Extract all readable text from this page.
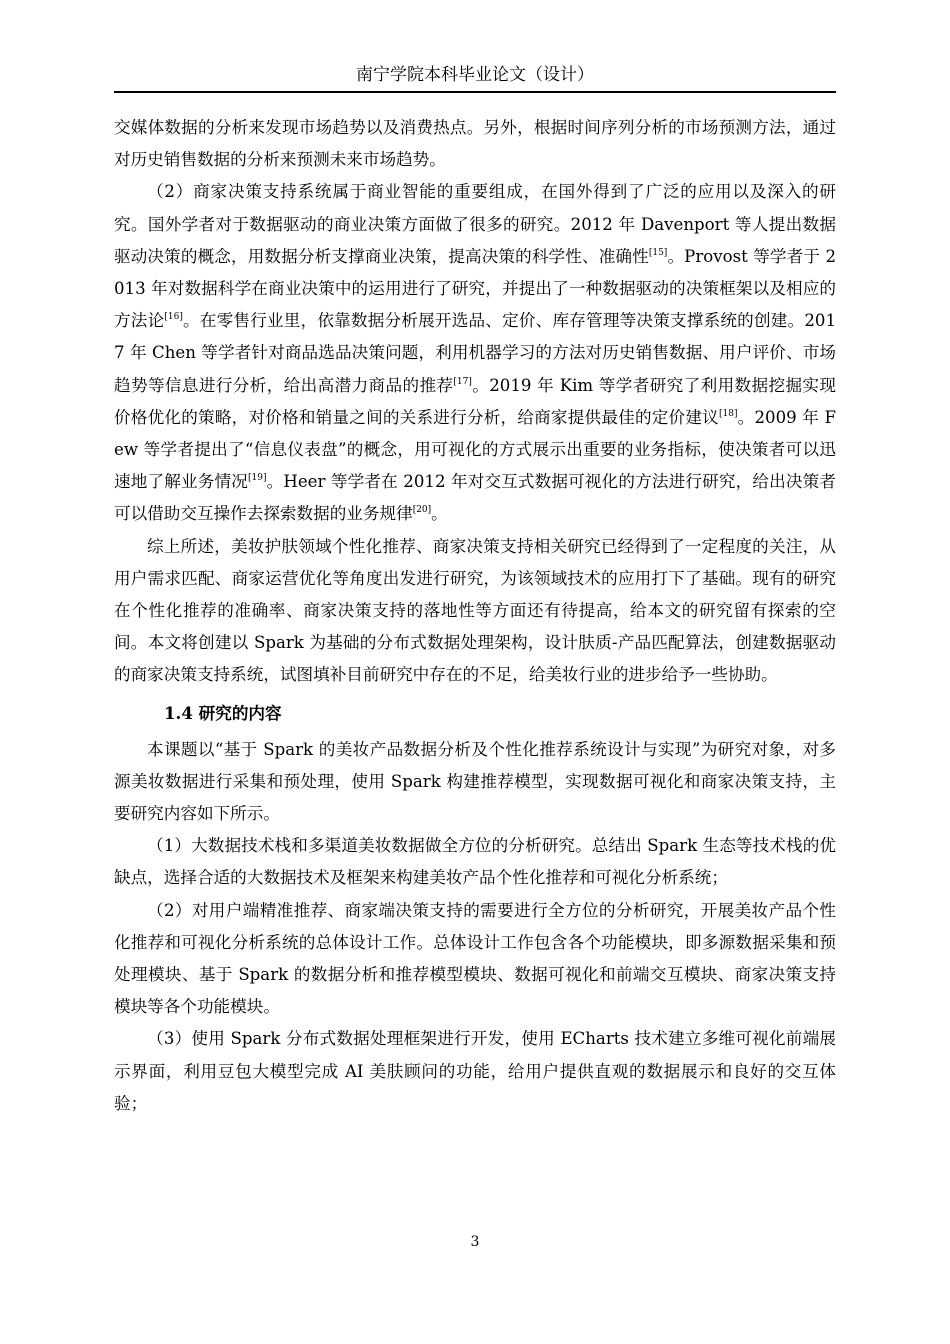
南宁学院本科毕业论文（设计）

交媒体数据的分析来发现市场趋势以及消费热点。另外，根据时间序列分析的市场预测方法，通过对历史销售数据的分析来预测未来市场趋势。

（2）商家决策支持系统属于商业智能的重要组成，在国外得到了广泛的应用以及深入的研究。国外学者对于数据驱动的商业决策方面做了很多的研究。2012 年 Davenport 等人提出数据驱动决策的概念，用数据分析支撑商业决策，提高决策的科学性、准确性[15]。Provost 等学者于 2013 年对数据科学在商业决策中的运用进行了研究，并提出了一种数据驱动的决策框架以及相应的方法论[16]。在零售行业里，依靠数据分析展开选品、定价、库存管理等决策支撑系统的创建。2017 年 Chen 等学者针对商品选品决策问题，利用机器学习的方法对历史销售数据、用户评价、市场趋势等信息进行分析，给出高潜力商品的推荐[17]。2019 年 Kim 等学者研究了利用数据挖掘实现价格优化的策略，对价格和销量之间的关系进行分析，给商家提供最佳的定价建议[18]。2009 年 Few 等学者提出了“信息仪表盘”的概念，用可视化的方式展示出重要的业务指标，使决策者可以迅速地了解业务情况[19]。Heer 等学者在 2012 年对交互式数据可视化的方法进行研究，给出决策者可以借助交互操作去探索数据的业务规律[20]。

综上所述，美妆护肤领域个性化推荐、商家决策支持相关研究已经得到了一定程度的关注，从用户需求匹配、商家运营优化等角度出发进行研究，为该领域技术的应用打下了基础。现有的研究在个性化推荐的准确率、商家决策支持的落地性等方面还有待提高，给本文的研究留有探索的空间。本文将创建以 Spark 为基础的分布式数据处理架构，设计肤质-产品匹配算法，创建数据驱动的商家决策支持系统，试图填补目前研究中存在的不足，给美妆行业的进步给予一些协助。

1.4 研究的内容

本课题以“基于 Spark 的美妆产品数据分析及个性化推荐系统设计与实现”为研究对象，对多源美妆数据进行采集和预处理，使用 Spark 构建推荐模型，实现数据可视化和商家决策支持，主要研究内容如下所示。

（1）大数据技术栈和多渠道美妆数据做全方位的分析研究。总结出 Spark 生态等技术栈的优缺点，选择合适的大数据技术及框架来构建美妆产品个性化推荐和可视化分析系统；

（2）对用户端精准推荐、商家端决策支持的需要进行全方位的分析研究，开展美妆产品个性化推荐和可视化分析系统的总体设计工作。总体设计工作包含各个功能模块，即多源数据采集和预处理模块、基于 Spark 的数据分析和推荐模型模块、数据可视化和前端交互模块、商家决策支持模块等各个功能模块。

（3）使用 Spark 分布式数据处理框架进行开发，使用 ECharts 技术建立多维可视化前端展示界面，利用豆包大模型完成 AI 美肤顾问的功能，给用户提供直观的数据展示和良好的交互体验；

3
